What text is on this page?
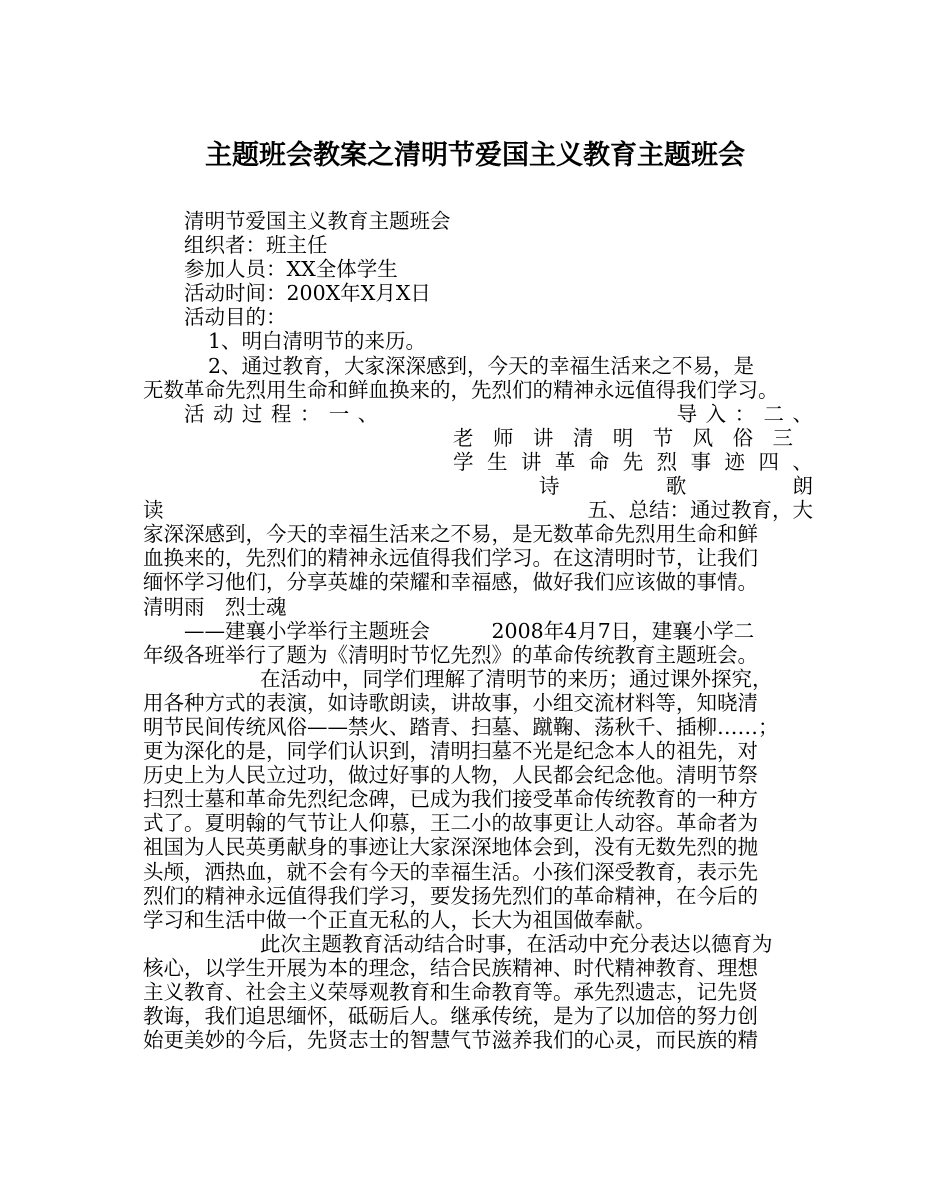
主题班会教案之清明节爱国主义教育主题班会
清明节爱国主义教育主题班会
组织者：班主任
参加人员：XX全体学生
活动时间：200X年X月X日
活动目的：
1、明白清明节的来历。
2、通过教育，大家深深感到，今天的幸福生活来之不易，是
无数革命先烈用生命和鲜血换来的，先烈们的精神永远值得我们学习。
活 动 过 程 ： 一 、	导 入 ： 二 、
老 师 讲 清 明 节 风 俗 三
学 生 讲 革 命 先 烈 事 迹 四 、
诗	歌	朗
读	五、总结：通过教育，大
家深深感到，今天的幸福生活来之不易，是无数革命先烈用生命和鲜
血换来的，先烈们的精神永远值得我们学习。在这清明时节，让我们
缅怀学习他们，分享英雄的荣耀和幸福感，做好我们应该做的事情。
清明雨　烈士魂
——建襄小学举行主题班会　　　2008年4月7日，建襄小学二
年级各班举行了题为《清明时节忆先烈》的革命传统教育主题班会。
在活动中，同学们理解了清明节的来历；通过课外探究，
用各种方式的表演，如诗歌朗读，讲故事，小组交流材料等，知晓清
明节民间传统风俗——禁火、踏青、扫墓、蹴鞠、荡秋千、插柳……；
更为深化的是，同学们认识到，清明扫墓不光是纪念本人的祖先，对
历史上为人民立过功，做过好事的人物，人民都会纪念他。清明节祭
扫烈士墓和革命先烈纪念碑，已成为我们接受革命传统教育的一种方
式了。夏明翰的气节让人仰慕，王二小的故事更让人动容。革命者为
祖国为人民英勇献身的事迹让大家深深地体会到，没有无数先烈的抛
头颅，洒热血，就不会有今天的幸福生活。小孩们深受教育，表示先
烈们的精神永远值得我们学习，要发扬先烈们的革命精神，在今后的
学习和生活中做一个正直无私的人，长大为祖国做奉献。
此次主题教育活动结合时事，在活动中充分表达以德育为
核心，以学生开展为本的理念，结合民族精神、时代精神教育、理想
主义教育、社会主义荣辱观教育和生命教育等。承先烈遗志，记先贤
教诲，我们追思缅怀，砥砺后人。继承传统，是为了以加倍的努力创
始更美妙的今后，先贤志士的智慧气节滋养我们的心灵，而民族的精
